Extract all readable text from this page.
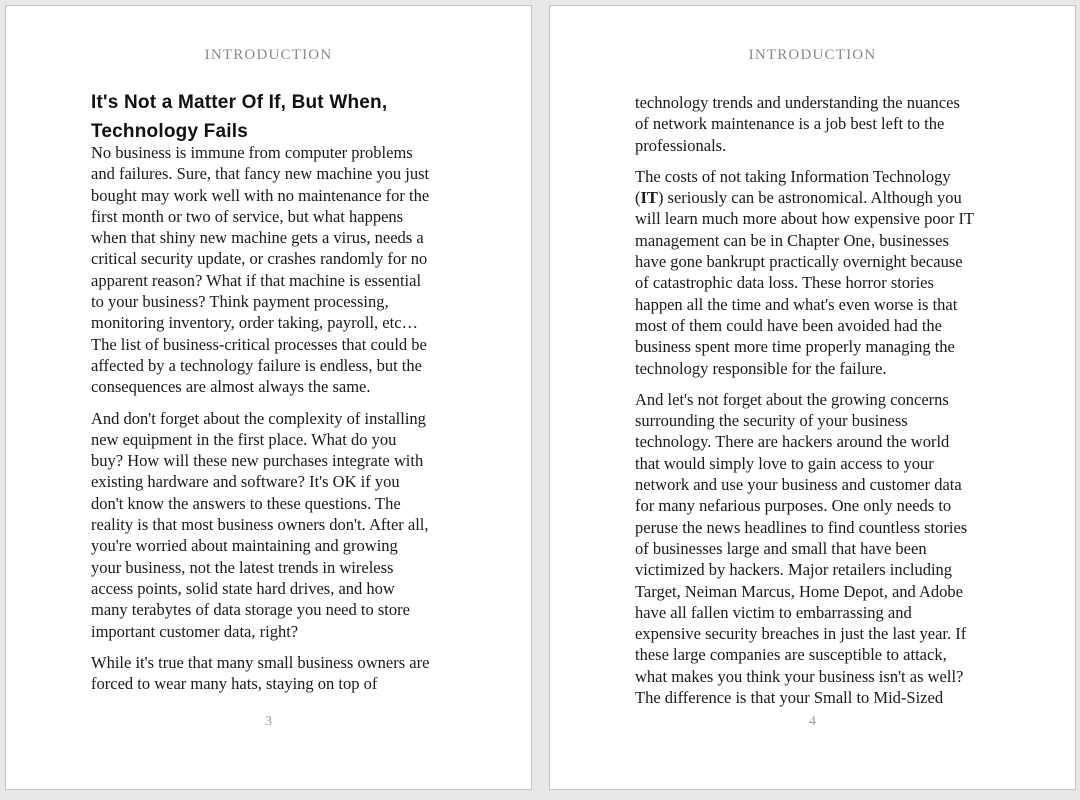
INTRODUCTION
It's Not a Matter Of If, But When,
Technology Fails

No business is immune from computer problems
and failures. Sure, that fancy new machine you just
bought may work well with no maintenance for the
first month or two of service, but what happens
when that shiny new machine gets a virus, needs a
critical security update, or crashes randomly for no
apparent reason? What if that machine is essential
to your business? Think payment processing,
monitoring inventory, order taking, payroll, etc…
The list of business-critical processes that could be
affected by a technology failure is endless, but the
consequences are almost always the same.

And don't forget about the complexity of installing
new equipment in the first place. What do you
buy? How will these new purchases integrate with
existing hardware and software? It's OK if you
don't know the answers to these questions. The
reality is that most business owners don't. After all,
you're worried about maintaining and growing
your business, not the latest trends in wireless
access points, solid state hard drives, and how
many terabytes of data storage you need to store
important customer data, right?

While it's true that many small business owners are
forced to wear many hats, staying on top of

3
INTRODUCTION

technology trends and understanding the nuances
of network maintenance is a job best left to the
professionals.

The costs of not taking Information Technology
(IT) seriously can be astronomical. Although you
will learn much more about how expensive poor IT
management can be in Chapter One, businesses
have gone bankrupt practically overnight because
of catastrophic data loss. These horror stories
happen all the time and what's even worse is that
most of them could have been avoided had the
business spent more time properly managing the
technology responsible for the failure.

And let's not forget about the growing concerns
surrounding the security of your business
technology. There are hackers around the world
that would simply love to gain access to your
network and use your business and customer data
for many nefarious purposes. One only needs to
peruse the news headlines to find countless stories
of businesses large and small that have been
victimized by hackers. Major retailers including
Target, Neiman Marcus, Home Depot, and Adobe
have all fallen victim to embarrassing and
expensive security breaches in just the last year. If
these large companies are susceptible to attack,
what makes you think your business isn't as well?
The difference is that your Small to Mid-Sized

4
